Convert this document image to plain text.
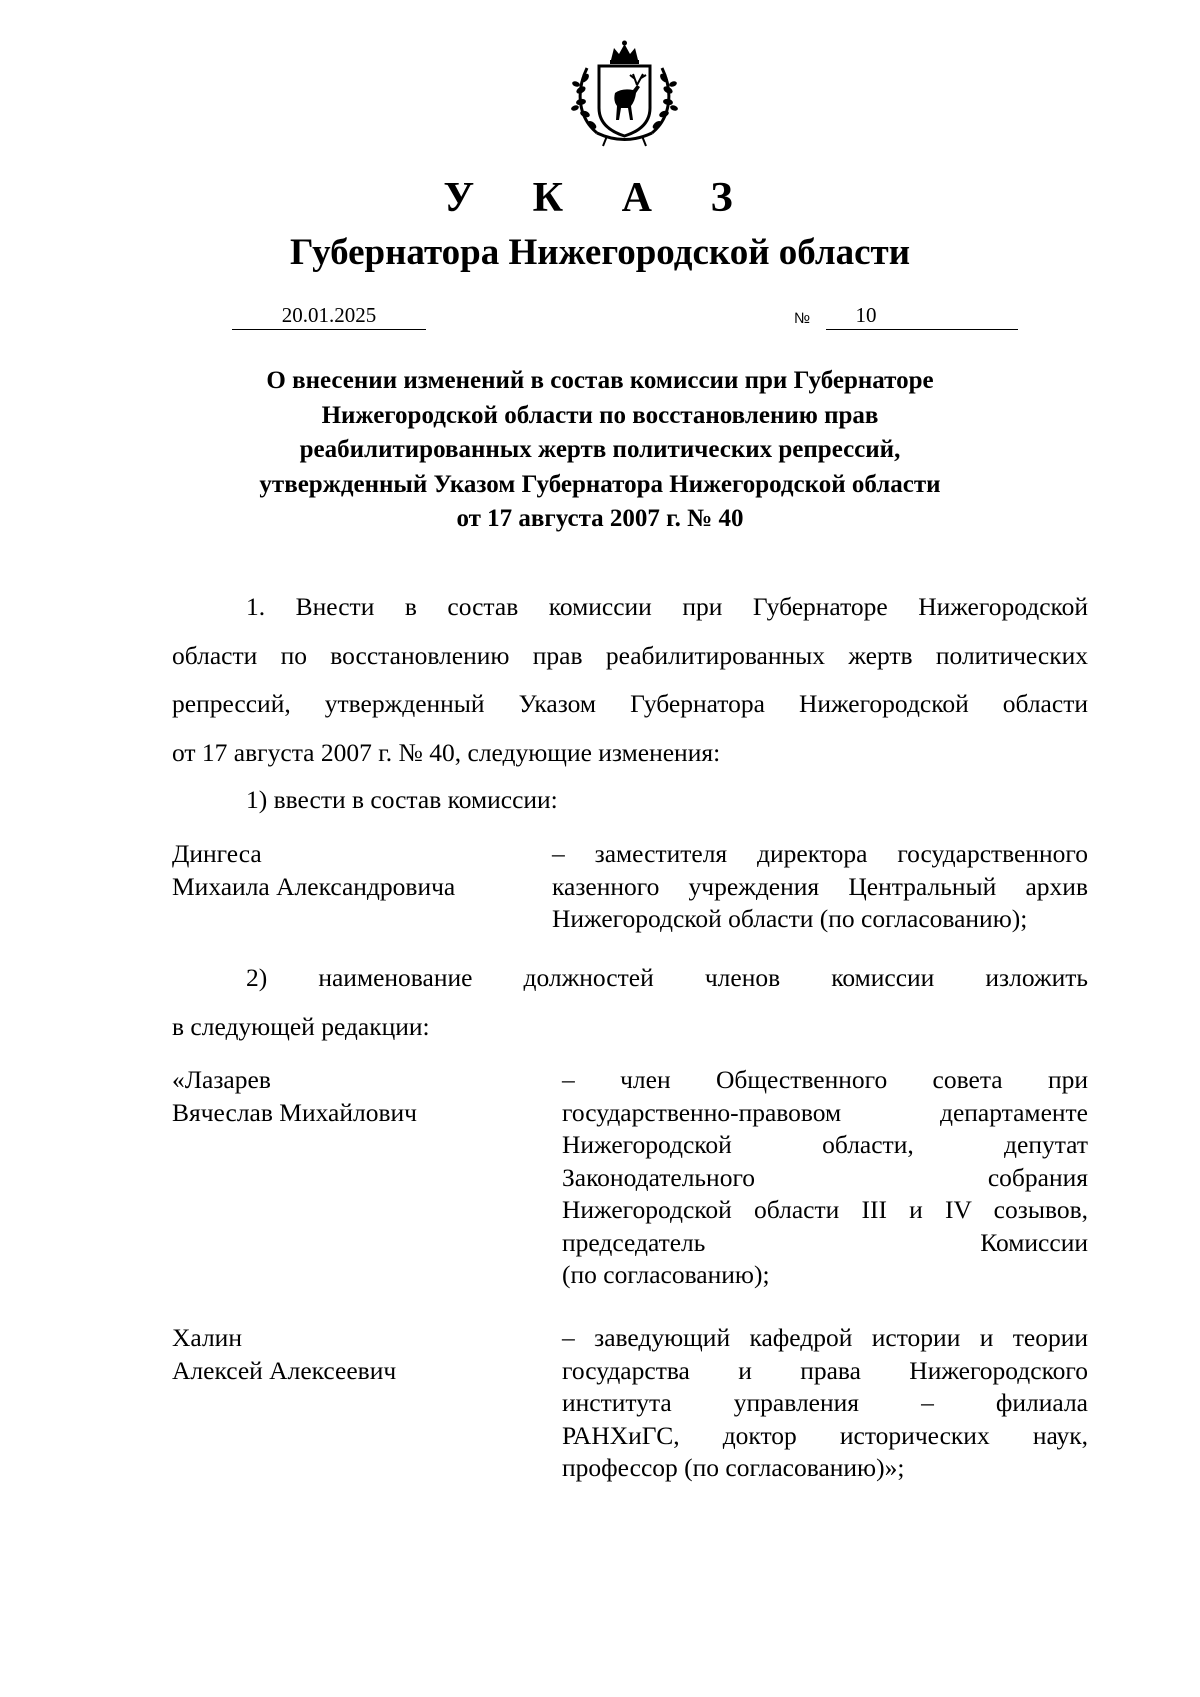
У К А З
Губернатора Нижегородской области
20.01.2025	№	10
О внесении изменений в состав комиссии при Губернаторе
Нижегородской области по восстановлению прав
реабилитированных жертв политических репрессий,
утвержденный Указом Губернатора Нижегородской области
от 17 августа 2007 г. № 40
1. Внести в состав комиссии при Губернаторе Нижегородской
области по восстановлению прав реабилитированных жертв политических
репрессий, утвержденный Указом Губернатора Нижегородской области
от 17 августа 2007 г. № 40, следующие изменения:
1) ввести в состав комиссии:
Дингеса
Михаила Александровича
– заместителя директора государственного
казенного учреждения Центральный архив
Нижегородской области (по согласованию);
2) наименование должностей членов комиссии изложить
в следующей редакции:
«Лазарев
Вячеслав Михайлович
– член Общественного совета при
государственно-правовом департаменте
Нижегородской области, депутат
Законодательного собрания
Нижегородской области III и IV созывов,
председатель Комиссии
(по согласованию);
Халин
Алексей Алексеевич
– заведующий кафедрой истории и теории
государства и права Нижегородского
института управления – филиала
РАНХиГС, доктор исторических наук,
профессор (по согласованию)»;
